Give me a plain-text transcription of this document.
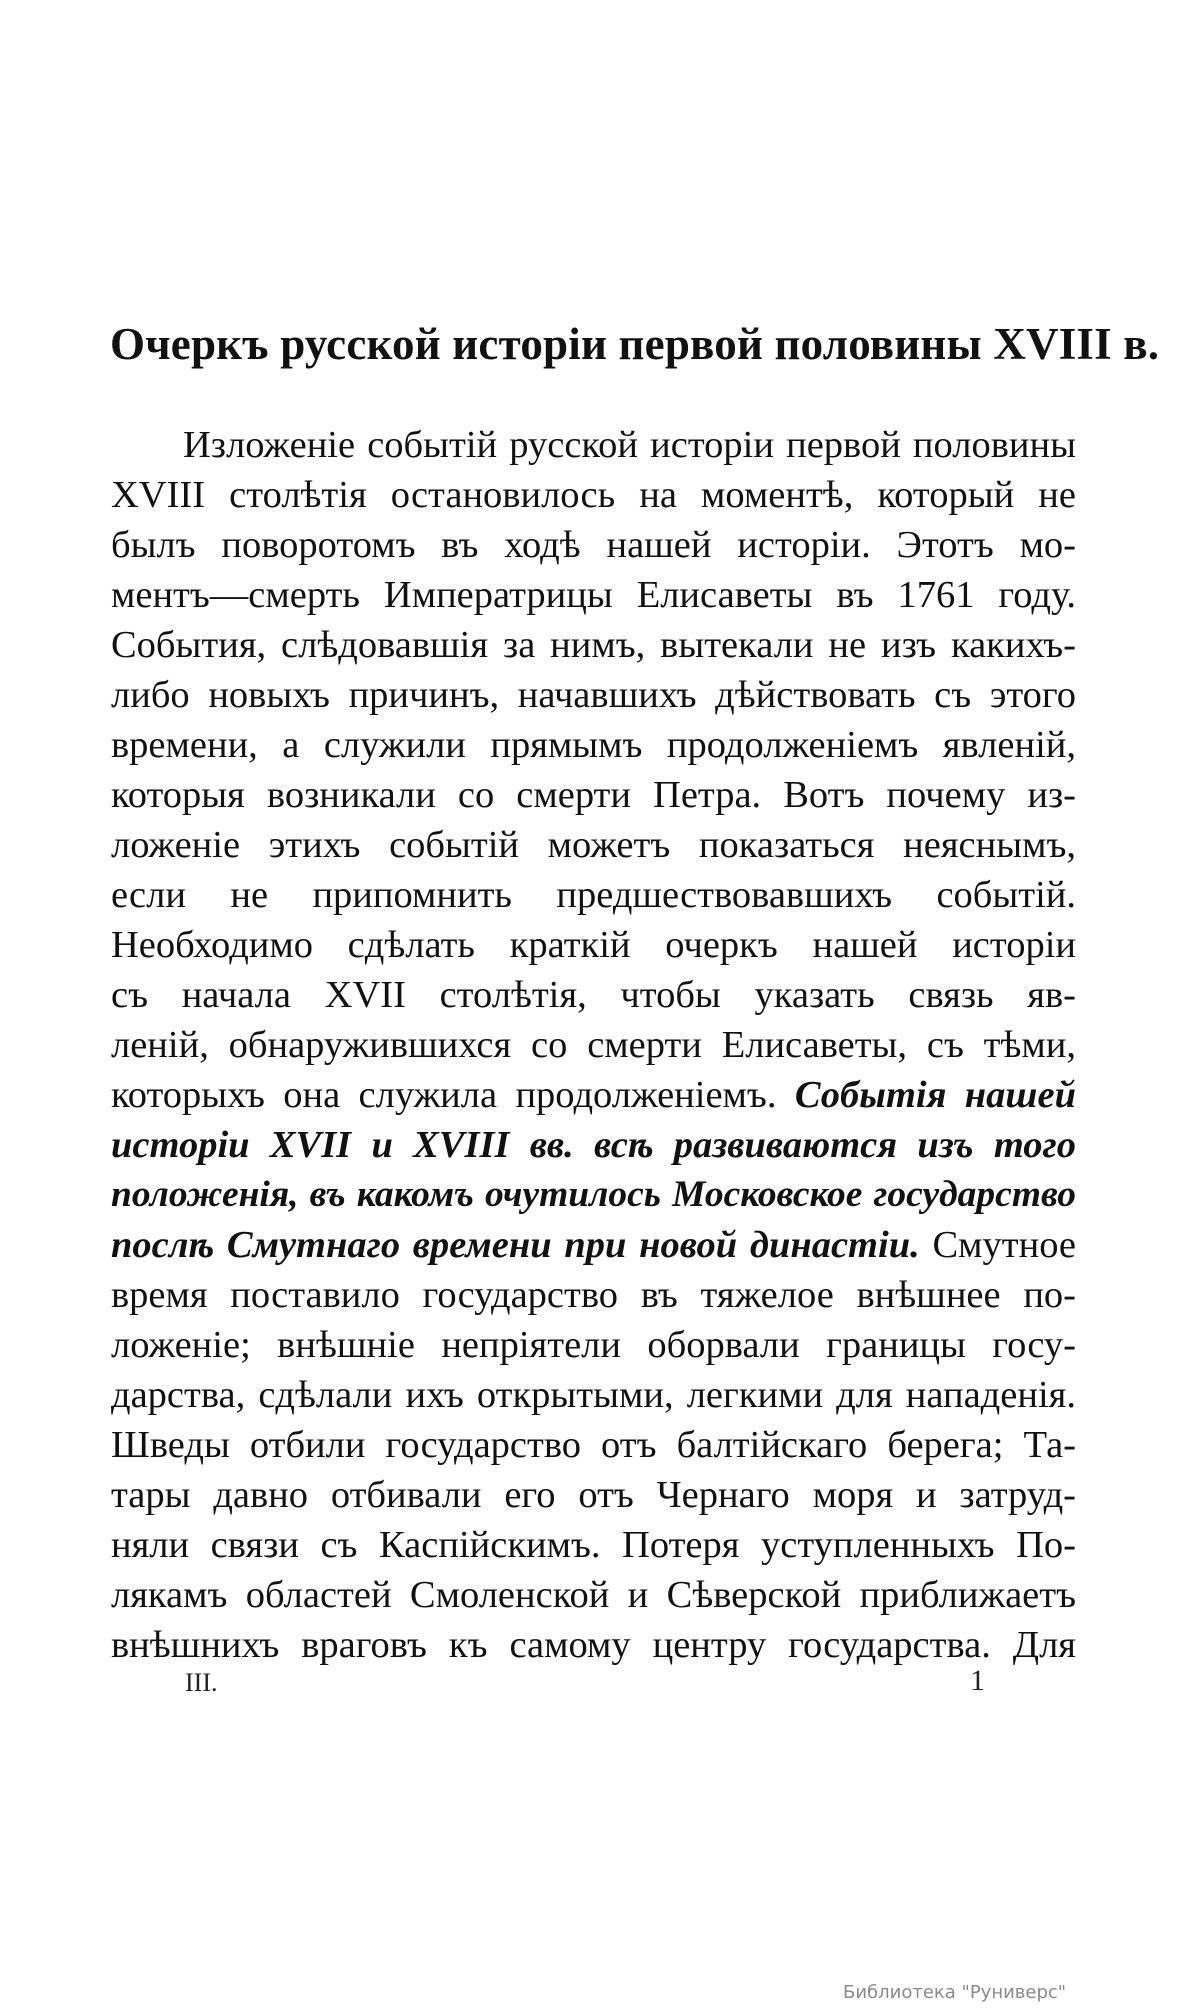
Очеркъ русской исторіи первой половины XVIII в.
Изложеніе событій русской исторіи первой половины
XVIII столѣтія остановилось на моментѣ, который не
былъ поворотомъ въ ходѣ нашей исторіи. Этотъ мо-
ментъ—смерть Императрицы Елисаветы въ 1761 году.
События, слѣдовавшія за нимъ, вытекали не изъ какихъ-
либо новыхъ причинъ, начавшихъ дѣйствовать съ этого
времени, а служили прямымъ продолженіемъ явленій,
которыя возникали со смерти Петра. Вотъ почему из-
ложеніе этихъ событій можетъ показаться неяснымъ,
если не припомнить предшествовавшихъ событій.
Необходимо сдѣлать краткій очеркъ нашей исторіи
съ начала XVII столѣтія, чтобы указать связь яв-
леній, обнаружившихся со смерти Елисаветы, съ тѣми,
которыхъ она служила продолженіемъ. Событія нашей
исторіи XVII и XVIII вв. всѣ развиваются изъ того
положенія, въ какомъ очутилось Московское государство
послѣ Смутнаго времени при новой династіи. Смутное
время поставило государство въ тяжелое внѣшнее по-
ложеніе; внѣшніе непріятели оборвали границы госу-
дарства, сдѣлали ихъ открытыми, легкими для нападенія.
Шведы отбили государство отъ балтійскаго берега; Та-
тары давно отбивали его отъ Чернаго моря и затруд-
няли связи съ Каспійскимъ. Потеря уступленныхъ По-
лякамъ областей Смоленской и Сѣверской приближаетъ
внѣшнихъ враговъ къ самому центру государства. Для
III.	1
Библиотека "Руниверс"
